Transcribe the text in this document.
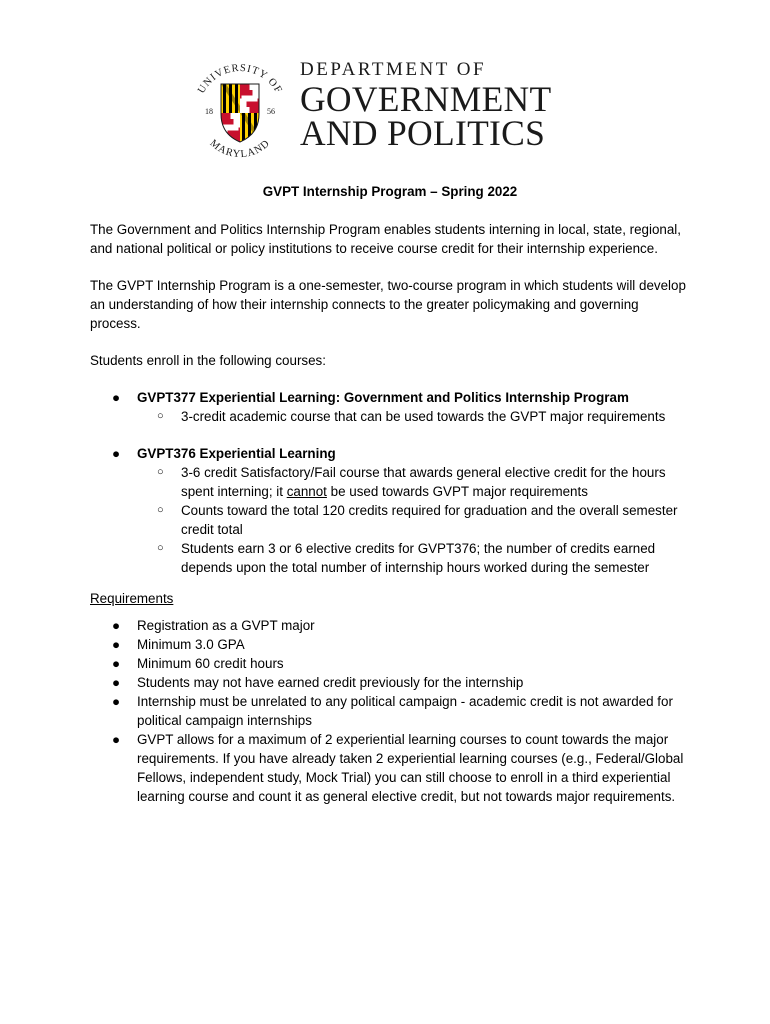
UNIVERSITY OF
MARYLAND
18	56
DEPARTMENT OF
GOVERNMENT
AND POLITICS
GVPT Internship Program – Spring 2022

The Government and Politics Internship Program enables students interning in local, state, regional, and national political or policy institutions to receive course credit for their internship experience.

The GVPT Internship Program is a one-semester, two-course program in which students will develop an understanding of how their internship connects to the greater policymaking and governing process.

Students enroll in the following courses:

● GVPT377 Experiential Learning: Government and Politics Internship Program
○ 3-credit academic course that can be used towards the GVPT major requirements
● GVPT376 Experiential Learning
○ 3-6 credit Satisfactory/Fail course that awards general elective credit for the hours spent interning; it cannot be used towards GVPT major requirements
○ Counts toward the total 120 credits required for graduation and the overall semester credit total
○ Students earn 3 or 6 elective credits for GVPT376; the number of credits earned depends upon the total number of internship hours worked during the semester
Requirements
● Registration as a GVPT major
● Minimum 3.0 GPA
● Minimum 60 credit hours
● Students may not have earned credit previously for the internship
● Internship must be unrelated to any political campaign - academic credit is not awarded for political campaign internships
● GVPT allows for a maximum of 2 experiential learning courses to count towards the major requirements. If you have already taken 2 experiential learning courses (e.g., Federal/Global Fellows, independent study, Mock Trial) you can still choose to enroll in a third experiential learning course and count it as general elective credit, but not towards major requirements.
